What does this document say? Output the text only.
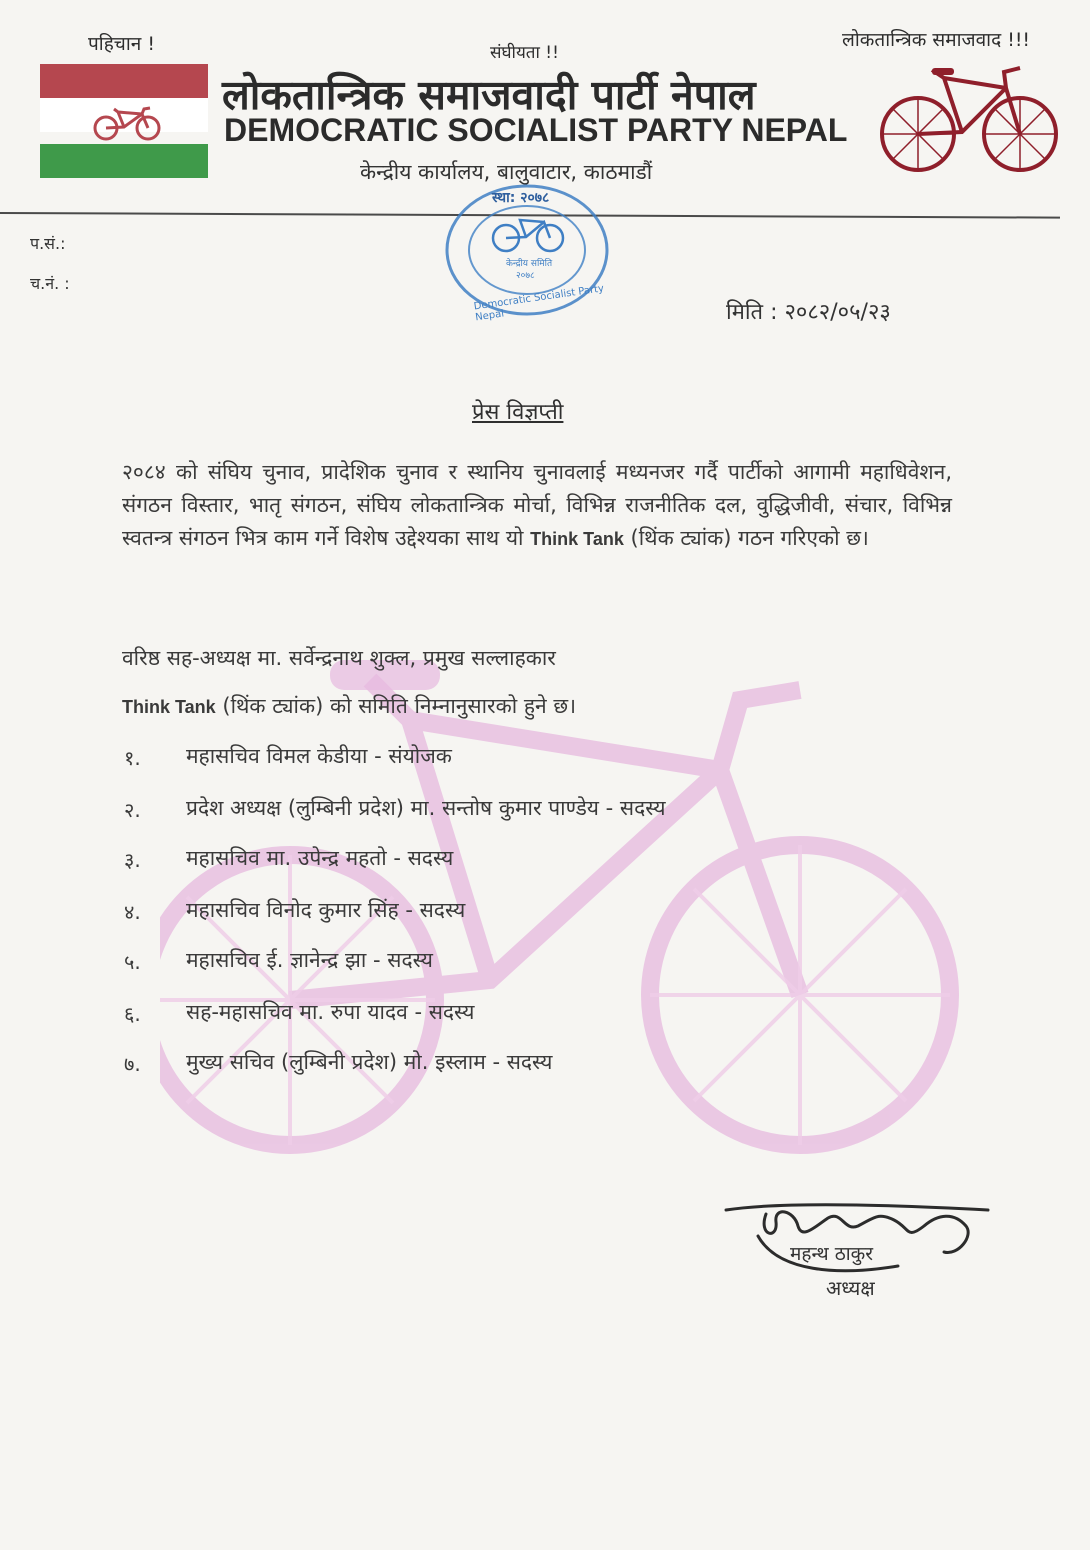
पहिचान !	संघीयता !!
लोकतान्त्रिक समाजवाद !!!
लोकतान्त्रिक समाजवादी पार्टी नेपाल
DEMOCRATIC SOCIALIST PARTY NEPAL
केन्द्रीय कार्यालय, बालुवाटार, काठमाडौं
स्था: २०७८
केन्द्रीय समिति
२०७८
Democratic Socialist Party Nepal
प.सं.:
च.नं. :
मिति : २०८२/०५/२३
प्रेस विज्ञप्ती
२०८४ को संघिय चुनाव, प्रादेशिक चुनाव र स्थानिय चुनावलाई मध्यनजर गर्दै पार्टीको आगामी महाधिवेशन, संगठन विस्तार, भातृ संगठन, संघिय लोकतान्त्रिक मोर्चा, विभिन्न राजनीतिक दल, वुद्धिजीवी, संचार, विभिन्न स्वतन्त्र संगठन भित्र काम गर्ने विशेष उद्देश्यका साथ यो Think Tank (थिंक ट्यांक) गठन गरिएको छ।
वरिष्ठ सह-अध्यक्ष मा. सर्वेन्द्रनाथ शुक्ल, प्रमुख सल्लाहकार
Think Tank (थिंक ट्यांक) को समिति निम्नानुसारको हुने छ।
१. महासचिव विमल केडीया - संयोजक
२. प्रदेश अध्यक्ष (लुम्बिनी प्रदेश) मा. सन्तोष कुमार पाण्डेय - सदस्य
३. महासचिव मा. उपेन्द्र महतो - सदस्य
४. महासचिव विनोद कुमार सिंह - सदस्य
५. महासचिव ई. ज्ञानेन्द्र झा - सदस्य
६. सह-महासचिव मा. रुपा यादव - सदस्य
७. मुख्य सचिव (लुम्बिनी प्रदेश) मो. इस्लाम - सदस्य
महन्थ ठाकुर
अध्यक्ष
